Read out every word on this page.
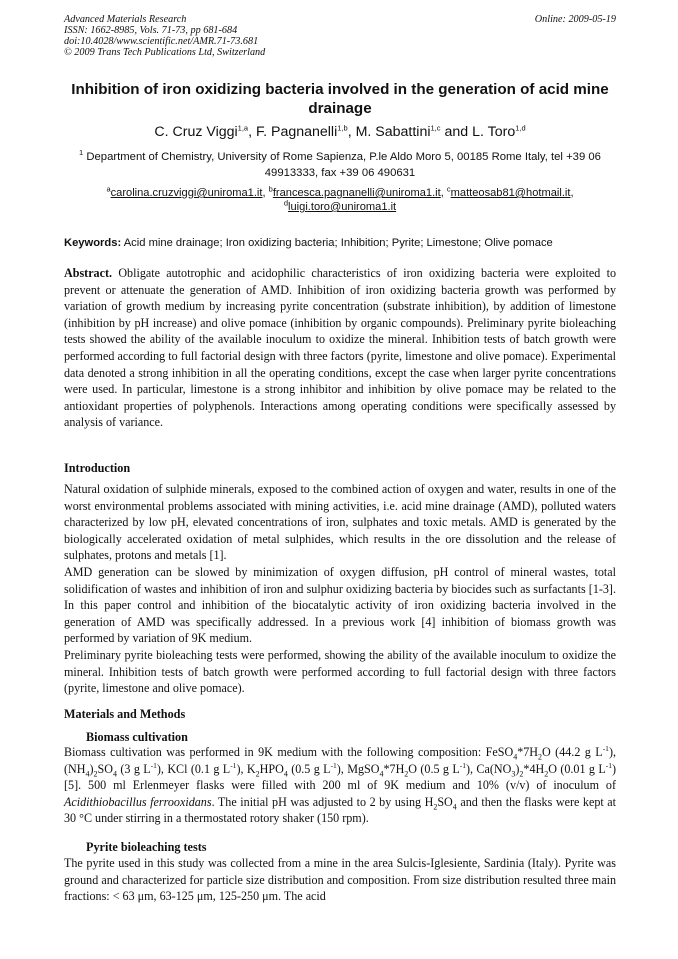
Advanced Materials Research
ISSN: 1662-8985, Vols. 71-73, pp 681-684
doi:10.4028/www.scientific.net/AMR.71-73.681
© 2009 Trans Tech Publications Ltd, Switzerland
Online: 2009-05-19
Inhibition of iron oxidizing bacteria involved in the generation of acid mine drainage
C. Cruz Viggi$^{1,a}$, F. Pagnanelli$^{1,b}$, M. Sabattini$^{1,c}$ and L. Toro$^{1,d}$
$^1$ Department of Chemistry, University of Rome Sapienza, P.le Aldo Moro 5, 00185 Rome Italy, tel +39 06 49913333, fax +39 06 490631
$^a$carolina.cruzviggi@uniroma1.it, $^b$francesca.pagnanelli@uniroma1.it, $^c$matteosab81@hotmail.it,
$^d$luigi.toro@uniroma1.it
Keywords: Acid mine drainage; Iron oxidizing bacteria; Inhibition; Pyrite; Limestone; Olive pomace

Abstract. Obligate autotrophic and acidophilic characteristics of iron oxidizing bacteria were exploited to prevent or attenuate the generation of AMD. Inhibition of iron oxidizing bacteria growth was performed by variation of growth medium by increasing pyrite concentration (substrate inhibition), by addition of limestone (inhibition by pH increase) and olive pomace (inhibition by organic compounds). Preliminary pyrite bioleaching tests showed the ability of the available inoculum to oxidize the mineral. Inhibition tests of batch growth were performed according to full factorial design with three factors (pyrite, limestone and olive pomace). Experimental data denoted a strong inhibition in all the operating conditions, except the case when larger pyrite concentrations were used. In particular, limestone is a strong inhibitor and inhibition by olive pomace may be related to the antioxidant properties of polyphenols. Interactions among operating conditions were specifically assessed by analysis of variance.

Introduction

Natural oxidation of sulphide minerals, exposed to the combined action of oxygen and water, results in one of the worst environmental problems associated with mining activities, i.e. acid mine drainage (AMD), polluted waters characterized by low pH, elevated concentrations of iron, sulphates and toxic metals. AMD is generated by the biologically accelerated oxidation of metal sulphides, which results in the ore dissolution and the release of sulphates, protons and metals [1].

AMD generation can be slowed by minimization of oxygen diffusion, pH control of mineral wastes, total solidification of wastes and inhibition of iron and sulphur oxidizing bacteria by biocides such as surfactants [1-3]. In this paper control and inhibition of the biocatalytic activity of iron oxidizing bacteria involved in the generation of AMD was specifically addressed. In a previous work [4] inhibition of biomass growth was performed by variation of 9K medium.

Preliminary pyrite bioleaching tests were performed, showing the ability of the available inoculum to oxidize the mineral. Inhibition tests of batch growth were performed according to full factorial design with three factors (pyrite, limestone and olive pomace).

Materials and Methods
Biomass cultivation

Biomass cultivation was performed in 9K medium with the following composition: $FeSO_4*7H_2O$ (44.2 g $L^{-1}$), $(NH_4)_2SO_4$ (3 g $L^{-1}$), KCl (0.1 g $L^{-1}$), $K_2HPO_4$ (0.5 g $L^{-1}$), $MgSO_4*7H_2O$ (0.5 g $L^{-1}$), $Ca(NO_3)_2*4H_2O$ (0.01 g $L^{-1}$) [5]. 500 ml Erlenmeyer flasks were filled with 200 ml of 9K medium and 10% (v/v) of inoculum of Acidithiobacillus ferrooxidans. The initial pH was adjusted to 2 by using $H_2SO_4$ and then the flasks were kept at 30 °C under stirring in a thermostated rotory shaker (150 rpm).

Pyrite bioleaching tests
The pyrite used in this study was collected from a mine in the area Sulcis-Iglesiente, Sardinia (Italy). Pyrite was ground and characterized for particle size distribution and composition. From size distribution resulted three main fractions: < 63 μm, 63-125 μm, 125-250 μm. The acid
